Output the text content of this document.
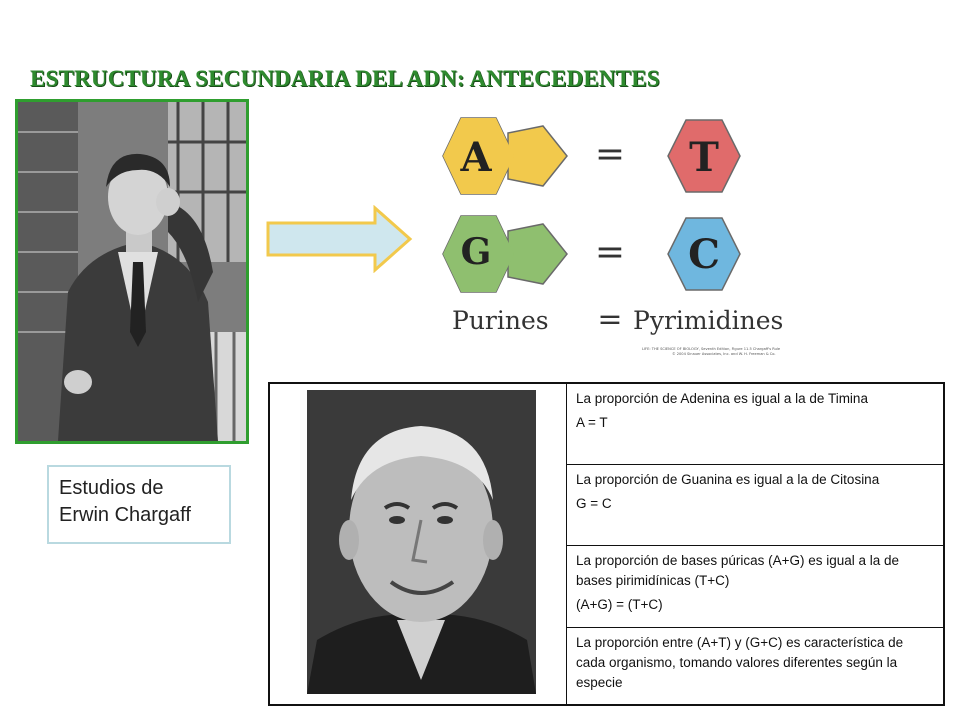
ESTRUCTURA SECUNDARIA DEL ADN: ANTECEDENTES
Estudios de
Erwin Chargaff
A	= T
G	= C
Purines = Pyrimidines
LIFE: THE SCIENCE OF BIOLOGY, Seventh Edition, Figure 11.5 Chargaff's Rule
© 2004 Sinauer Associates, Inc. and W. H. Freeman & Co.
La proporción de Adenina es igual a la de Timina
A = T
La proporción de Guanina es igual a la de Citosina
G = C
La proporción de bases púricas (A+G) es igual a la de bases pirimidínicas (T+C)
(A+G) = (T+C)
La proporción entre (A+T) y (G+C) es característica de cada organismo, tomando valores diferentes según la especie
